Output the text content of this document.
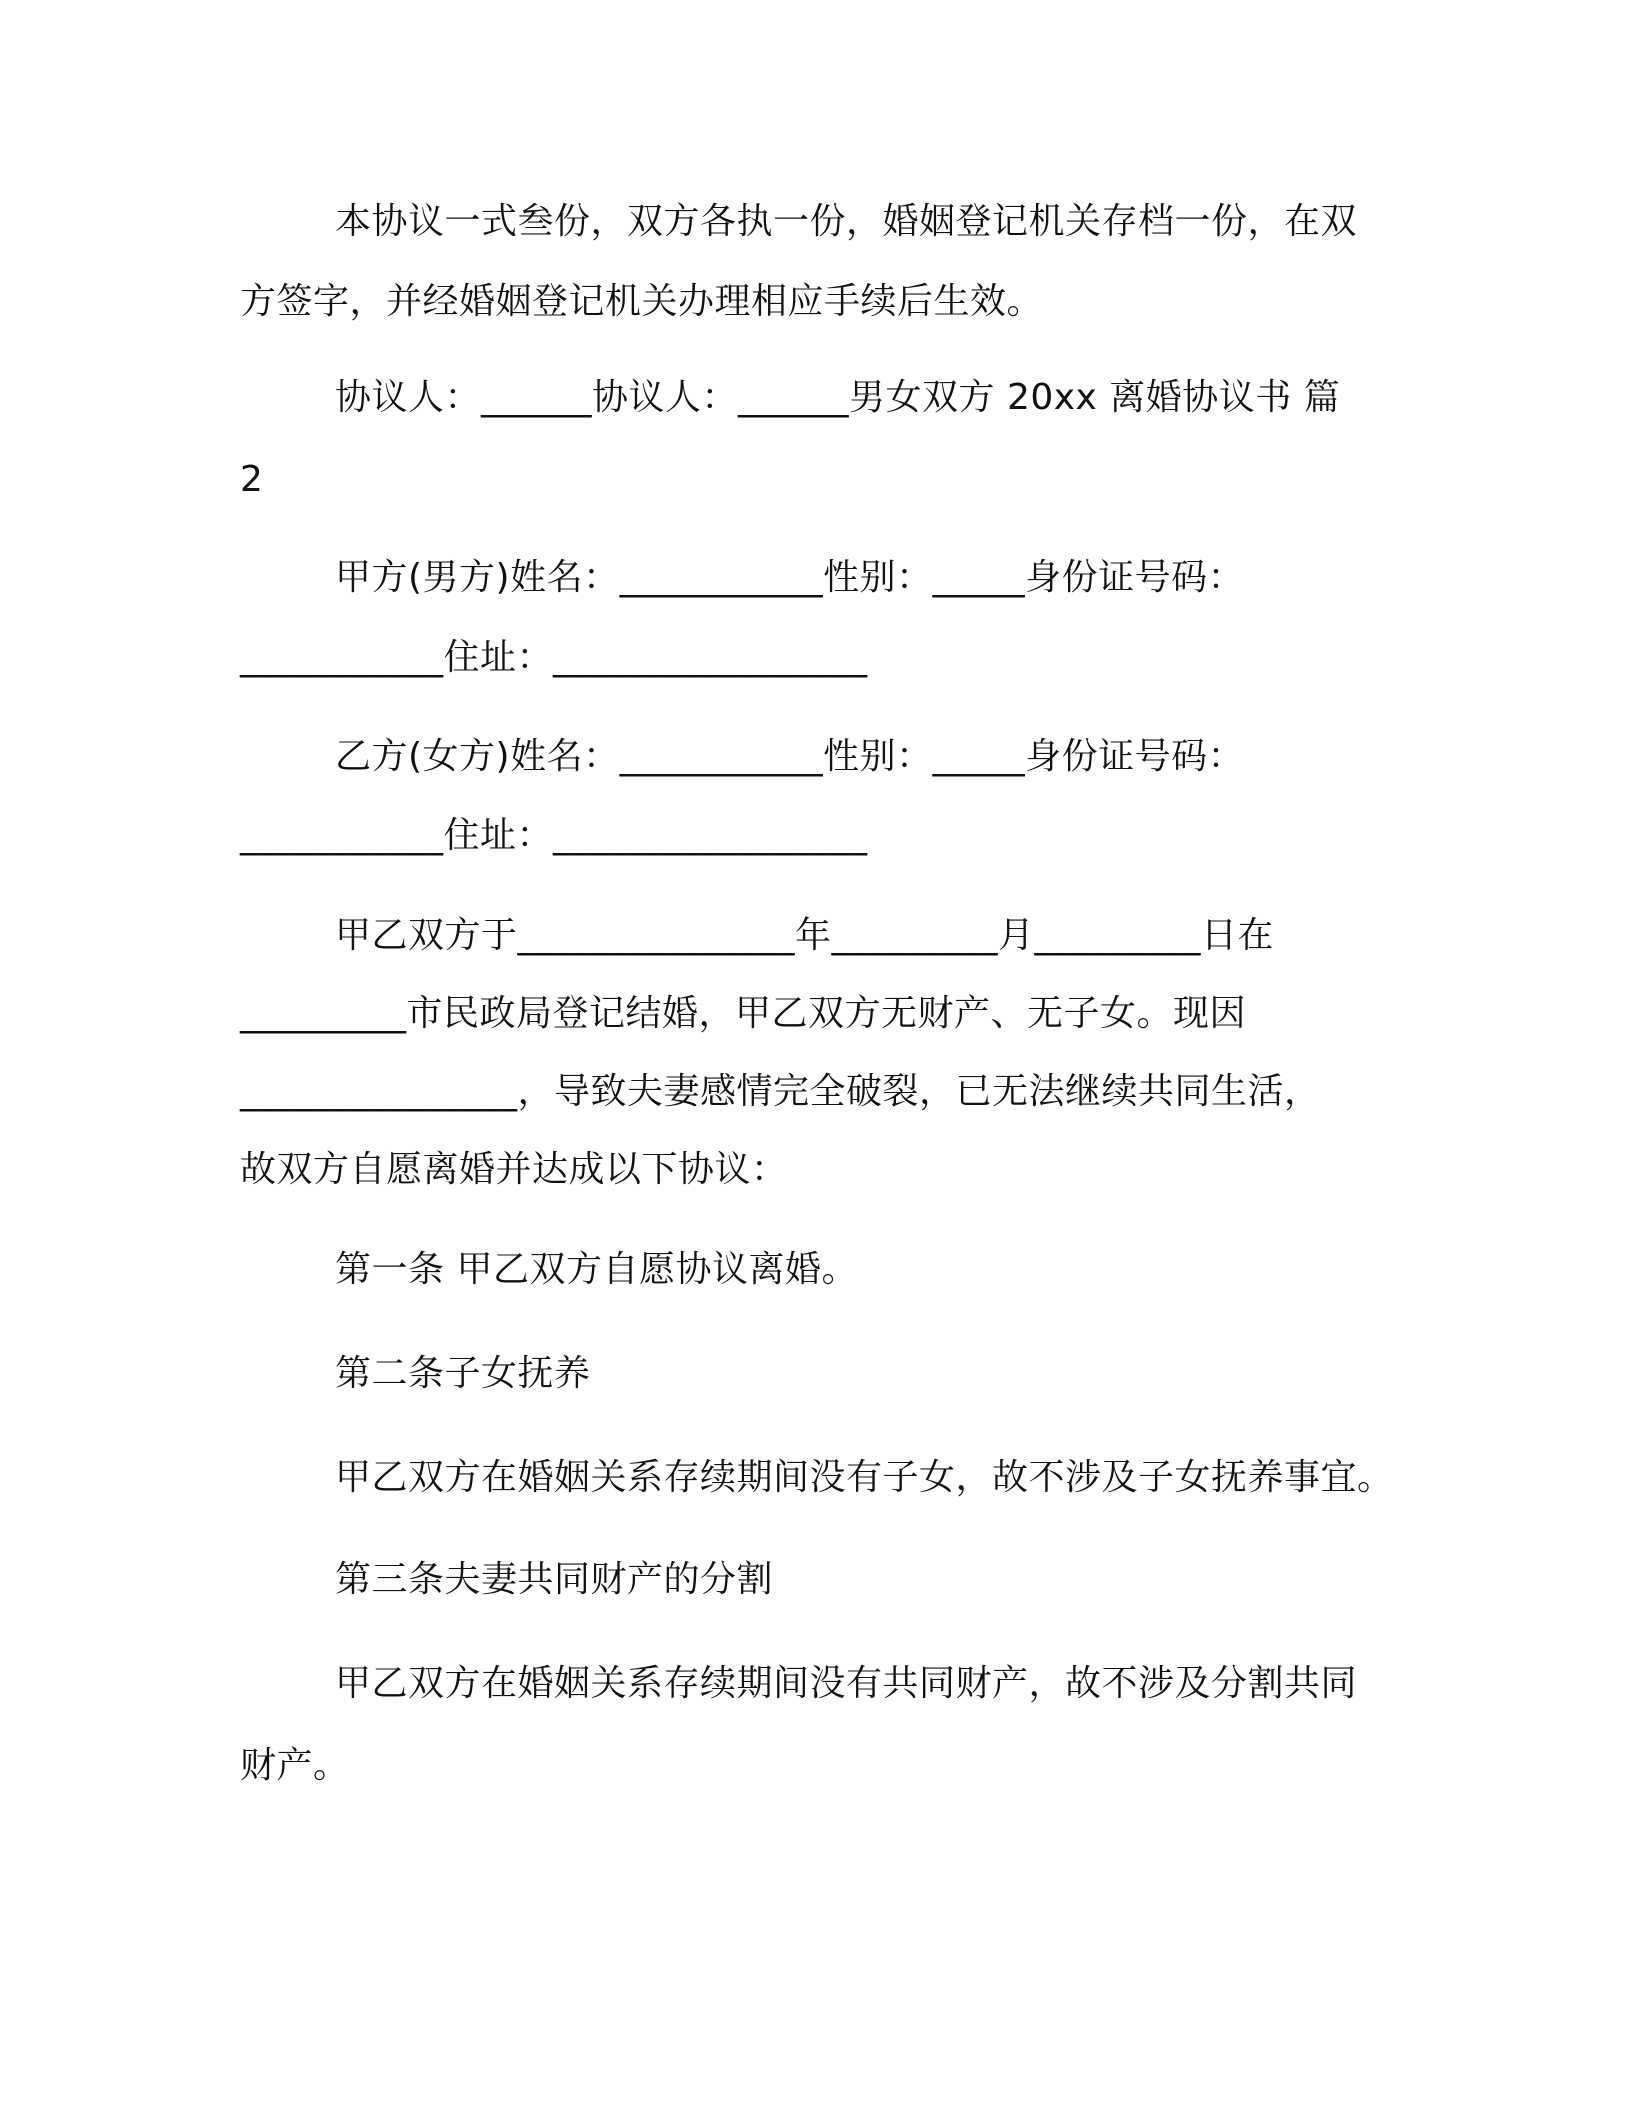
本协议一式叁份，双方各执一份，婚姻登记机关存档一份，在双
方签字，并经婚姻登记机关办理相应手续后生效。
协议人：______协议人：______男女双方 20xx 离婚协议书 篇
2
甲方(男方)姓名：___________性别：_____身份证号码：
___________住址：_________________
乙方(女方)姓名：___________性别：_____身份证号码：
___________住址：_________________
甲乙双方于_______________年_________月_________日在
_________市民政局登记结婚，甲乙双方无财产、无子女。现因
_______________，导致夫妻感情完全破裂，已无法继续共同生活，
故双方自愿离婚并达成以下协议：
第一条 甲乙双方自愿协议离婚。
第二条子女抚养
甲乙双方在婚姻关系存续期间没有子女，故不涉及子女抚养事宜。
第三条夫妻共同财产的分割
甲乙双方在婚姻关系存续期间没有共同财产，故不涉及分割共同
财产。
